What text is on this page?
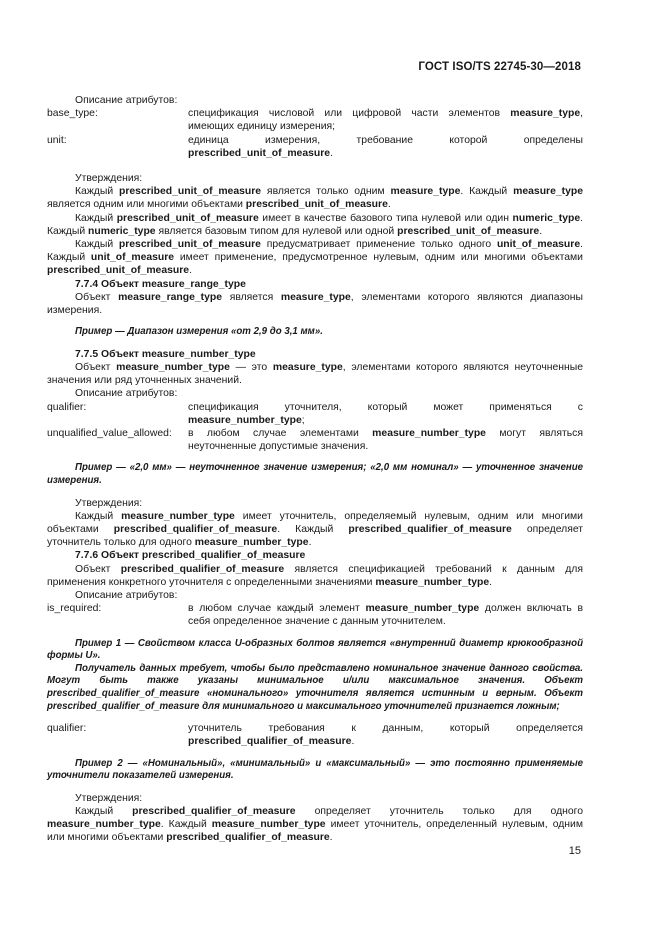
ГОСТ ISO/TS 22745-30—2018

Описание атрибутов:

base_type:	спецификация числовой или цифровой части элементов measure_type, имеющих единицу измерения;
unit:	единица измерения, требование которой определены prescribed_unit_of_measure.

Утверждения:

Каждый prescribed_unit_of_measure является только одним measure_type. Каждый measure_type является одним или многими объектами prescribed_unit_of_measure.

Каждый prescribed_unit_of_measure имеет в качестве базового типа нулевой или один numeric_type. Каждый numeric_type является базовым типом для нулевой или одной prescribed_unit_of_measure.

Каждый prescribed_unit_of_measure предусматривает применение только одного unit_of_measure. Каждый unit_of_measure имеет применение, предусмотренное нулевым, одним или многими объектами prescribed_unit_of_measure.

7.7.4 Объект measure_range_type

Объект measure_range_type является measure_type, элементами которого являются диапазоны измерения.

Пример — Диапазон измерения «от 2,9 до 3,1 мм».

7.7.5 Объект measure_number_type

Объект measure_number_type — это measure_type, элементами которого являются неуточненные значения или ряд уточненных значений.

Описание атрибутов:

qualifier:	спецификация уточнителя, который может применяться с measure_number_type;
unqualified_value_allowed:	в любом случае элементами measure_number_type могут являться неуточненные допустимые значения.

Пример — «2,0 мм» — неуточненное значение измерения; «2,0 мм номинал» — уточненное значение измерения.

Утверждения:

Каждый measure_number_type имеет уточнитель, определяемый нулевым, одним или многими объектами prescribed_qualifier_of_measure. Каждый prescribed_qualifier_of_measure определяет уточнитель только для одного measure_number_type.

7.7.6 Объект prescribed_qualifier_of_measure

Объект prescribed_qualifier_of_measure является спецификацией требований к данным для применения конкретного уточнителя с определенными значениями measure_number_type.

Описание атрибутов:

is_required:	в любом случае каждый элемент measure_number_type должен включать в себя определенное значение с данным уточнителем.

Пример 1 — Свойством класса U-образных болтов является «внутренний диаметр крюкообразной формы U».

Получатель данных требует, чтобы было представлено номинальное значение данного свойства. Могут быть также указаны минимальное и/или максимальное значения. Объект prescribed_qualifier_of_measure «номинального» уточнителя является истинным и верным. Объект prescribed_qualifier_of_measure для минимального и максимального уточнителей признается ложным;

qualifier:	уточнитель требования к данным, который определяется prescribed_qualifier_of_measure.

Пример 2 — «Номинальный», «минимальный» и «максимальный» — это постоянно применяемые уточнители показателей измерения.

Утверждения:

Каждый prescribed_qualifier_of_measure определяет уточнитель только для одного measure_number_type. Каждый measure_number_type имеет уточнитель, определенный нулевым, одним или многими объектами prescribed_qualifier_of_measure.

15
